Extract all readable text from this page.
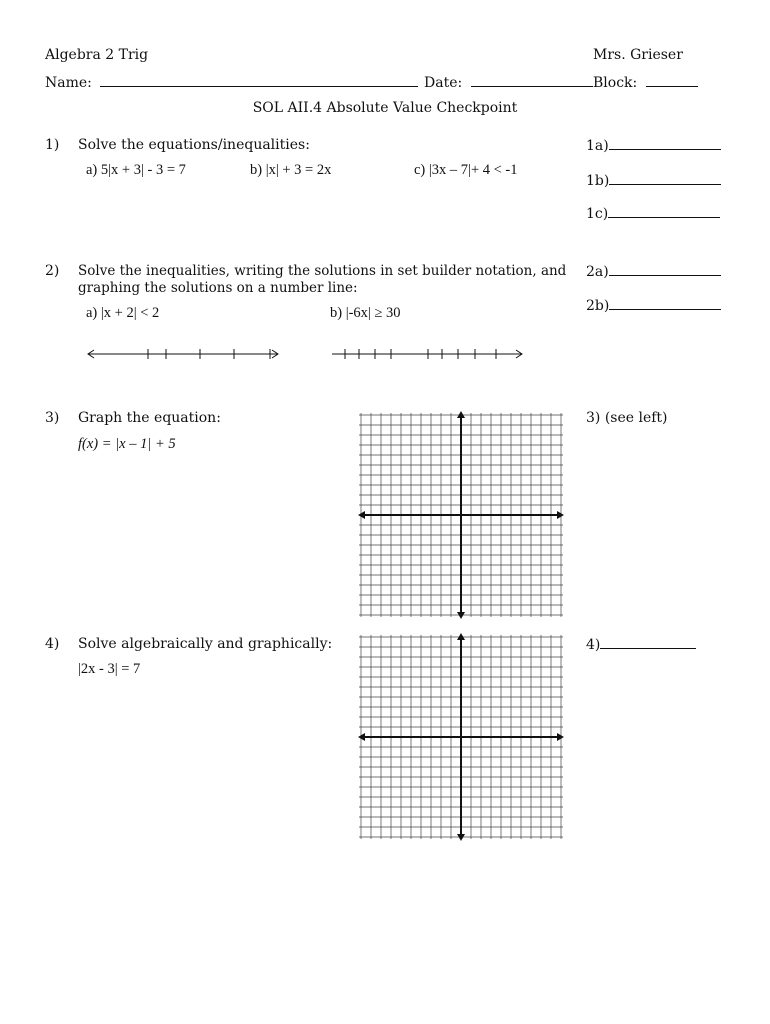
Algebra 2 Trig	Mrs. Grieser
Name:	Date:	Block:
SOL AII.4 Absolute Value Checkpoint
1) Solve the equations/inequalities:
a) 5|x + 3| - 3 = 7	b) |x| + 3 = 2x	c) |3x – 7|+ 4 < -1
1a)
1b)
1c)
2) Solve the inequalities, writing the solutions in set builder notation, and
graphing the solutions on a number line:
a) |x + 2| < 2	b) |-6x| ≥ 30
2a)
2b)
3) Graph the equation:
f(x) = |x – 1| + 5
3) (see left)
4) Solve algebraically and graphically:
|2x - 3| = 7
4)
